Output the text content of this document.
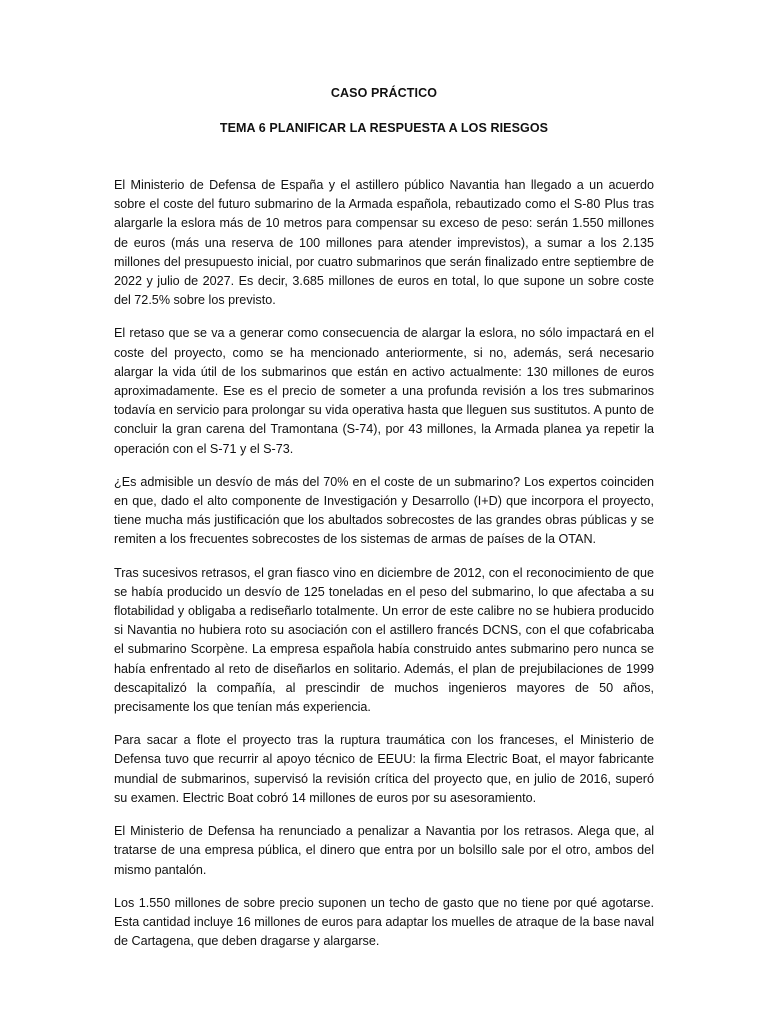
CASO PRÁCTICO
TEMA 6 PLANIFICAR LA RESPUESTA A LOS RIESGOS

El Ministerio de Defensa de España y el astillero público Navantia han llegado a un acuerdo sobre el coste del futuro submarino de la Armada española, rebautizado como el S-80 Plus tras alargarle la eslora más de 10 metros para compensar su exceso de peso: serán 1.550 millones de euros (más una reserva de 100 millones para atender imprevistos), a sumar a los 2.135 millones del presupuesto inicial, por cuatro submarinos que serán finalizado entre septiembre de 2022 y julio de 2027. Es decir, 3.685 millones de euros en total, lo que supone un sobre coste del 72.5% sobre los previsto.

El retaso que se va a generar como consecuencia de alargar la eslora, no sólo impactará en el coste del proyecto, como se ha mencionado anteriormente, si no, además, será necesario alargar la vida útil de los submarinos que están en activo actualmente: 130 millones de euros aproximadamente. Ese es el precio de someter a una profunda revisión a los tres submarinos todavía en servicio para prolongar su vida operativa hasta que lleguen sus sustitutos. A punto de concluir la gran carena del Tramontana (S-74), por 43 millones, la Armada planea ya repetir la operación con el S-71 y el S-73.

¿Es admisible un desvío de más del 70% en el coste de un submarino? Los expertos coinciden en que, dado el alto componente de Investigación y Desarrollo (I+D) que incorpora el proyecto, tiene mucha más justificación que los abultados sobrecostes de las grandes obras públicas y se remiten a los frecuentes sobrecostes de los sistemas de armas de países de la OTAN.

Tras sucesivos retrasos, el gran fiasco vino en diciembre de 2012, con el reconocimiento de que se había producido un desvío de 125 toneladas en el peso del submarino, lo que afectaba a su flotabilidad y obligaba a rediseñarlo totalmente. Un error de este calibre no se hubiera producido si Navantia no hubiera roto su asociación con el astillero francés DCNS, con el que cofabricaba el submarino Scorpène. La empresa española había construido antes submarino pero nunca se había enfrentado al reto de diseñarlos en solitario. Además, el plan de prejubilaciones de 1999 descapitalizó la compañía, al prescindir de muchos ingenieros mayores de 50 años, precisamente los que tenían más experiencia.

Para sacar a flote el proyecto tras la ruptura traumática con los franceses, el Ministerio de Defensa tuvo que recurrir al apoyo técnico de EEUU: la firma Electric Boat, el mayor fabricante mundial de submarinos, supervisó la revisión crítica del proyecto que, en julio de 2016, superó su examen. Electric Boat cobró 14 millones de euros por su asesoramiento.

El Ministerio de Defensa ha renunciado a penalizar a Navantia por los retrasos. Alega que, al tratarse de una empresa pública, el dinero que entra por un bolsillo sale por el otro, ambos del mismo pantalón.

Los 1.550 millones de sobre precio suponen un techo de gasto que no tiene por qué agotarse. Esta cantidad incluye 16 millones de euros para adaptar los muelles de atraque de la base naval de Cartagena, que deben dragarse y alargarse.
